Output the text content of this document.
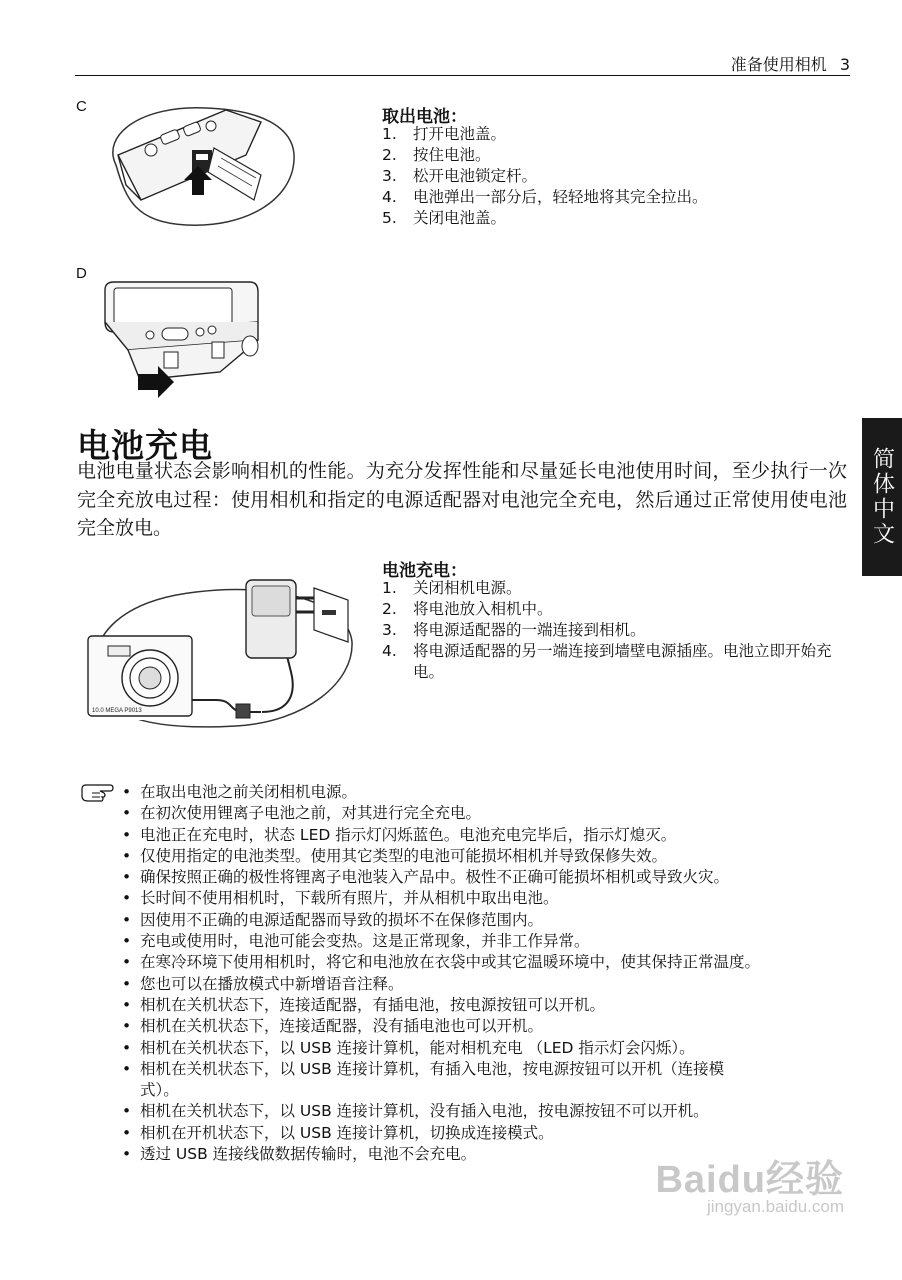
准备使用相机 3
C
取出电池：
1. 打开电池盖。
2. 按住电池。
3. 松开电池锁定杆。
4. 电池弹出一部分后，轻轻地将其完全拉出。
5. 关闭电池盖。
D
电池充电
电池电量状态会影响相机的性能。为充分发挥性能和尽量延长电池使用时间，至少执行一次完全充放电过程：使用相机和指定的电源适配器对电池完全充电，然后通过正常使用使电池完全放电。	简体中文
10.0 MEGA P9013
电池充电：
1. 关闭相机电源。
2. 将电池放入相机中。
3. 将电源适配器的一端连接到相机。
4. 将电源适配器的另一端连接到墙壁电源插座。电池立即开始充电。
• 在取出电池之前关闭相机电源。
• 在初次使用锂离子电池之前，对其进行完全充电。
• 电池正在充电时，状态 LED 指示灯闪烁蓝色。电池充电完毕后，指示灯熄灭。
• 仅使用指定的电池类型。使用其它类型的电池可能损坏相机并导致保修失效。
• 确保按照正确的极性将锂离子电池装入产品中。极性不正确可能损坏相机或导致火灾。
• 长时间不使用相机时，下载所有照片，并从相机中取出电池。
• 因使用不正确的电源适配器而导致的损坏不在保修范围内。
• 充电或使用时，电池可能会变热。这是正常现象，并非工作异常。
• 在寒冷环境下使用相机时，将它和电池放在衣袋中或其它温暖环境中，使其保持正常温度。
• 您也可以在播放模式中新增语音注释。
• 相机在关机状态下，连接适配器，有插电池，按电源按钮可以开机。
• 相机在关机状态下，连接适配器，没有插电池也可以开机。
• 相机在关机状态下，以 USB 连接计算机，能对相机充电 （LED 指示灯会闪烁）。
• 相机在关机状态下，以 USB 连接计算机，有插入电池，按电源按钮可以开机（连接模式）。
• 相机在关机状态下，以 USB 连接计算机，没有插入电池，按电源按钮不可以开机。
• 相机在开机状态下，以 USB 连接计算机，切换成连接模式。
• 透过 USB 连接线做数据传输时，电池不会充电。
Baidu经验
jingyan.baidu.com
